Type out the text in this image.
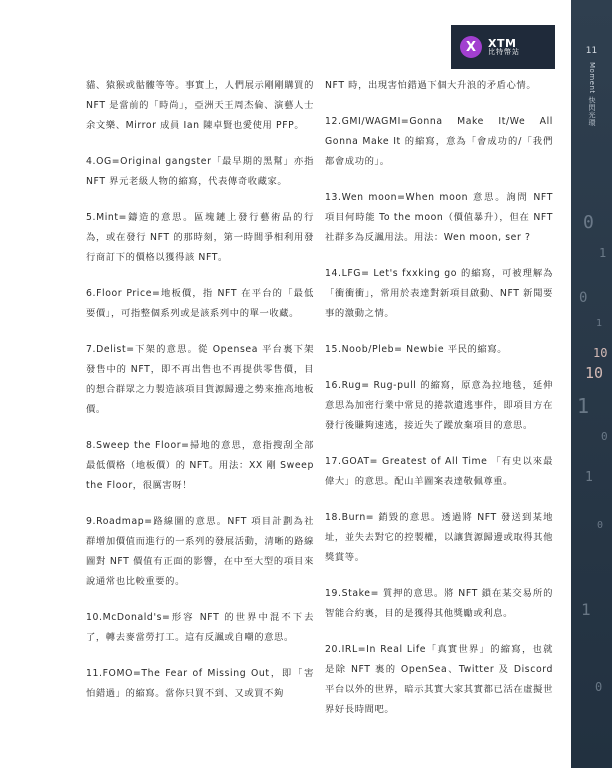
X	XTM
比特幣站	11
Moment 快閃光環
0
1
0
1
10
10
1
0
1
0
1
0

貓、猿猴或骷髏等等。事實上，人們展示剛剛購買的 NFT 是當前的「時尚」，亞洲天王周杰倫、演藝人士余文樂、Mirror 成員 Ian 陳卓賢也愛使用 PFP。

4.OG=Original gangster「最早期的黑幫」亦指 NFT 界元老級人物的縮寫，代表傳奇收藏家。

5.Mint=鑄造的意思。區塊鏈上發行藝術品的行為，或在發行 NFT 的那時刻，第一時間爭相利用發行商訂下的價格以獲得該 NFT。

6.Floor Price=地板價，指 NFT 在平台的「最低要價」，可指整個系列或是該系列中的單一收藏。

7.Delist=下架的意思。從 Opensea 平台裏下架發售中的 NFT，即不再出售也不再提供零售價，目的想合群眾之力製造該項目貨源歸邊之勢來推高地板價。

8.Sweep the Floor=掃地的意思，意指搜刮全部最低價格（地板價）的 NFT。用法：XX 剛 Sweep the Floor，很厲害呀！

9.Roadmap=路線圖的意思。NFT 項目計劃為社群增加價值而進行的一系列的發展活動，清晰的路線圖對 NFT 價值有正面的影響，在中至大型的項目來說通常也比較重要的。

10.McDonald's=形容 NFT 的世界中混不下去了，轉去麥當勞打工。這有反諷或自嘲的意思。

11.FOMO=The Fear of Missing Out，即「害怕錯過」的縮寫。當你只買不到、又或買不夠

NFT 時，出現害怕錯過下個大升浪的矛盾心情。

12.GMI/WAGMI=Gonna Make It/We All Gonna Make It 的縮寫，意為「會成功的/「我們都會成功的」。

13.Wen moon=When moon 意思。詢問 NFT 項目何時能 To the moon（價值暴升），但在 NFT 社群多為反諷用法。用法：Wen moon, ser ?

14.LFG= Let's fxxking go 的縮寫，可被理解為「衝衝衝」，常用於表達對新項目啟動、NFT 新聞要事的激動之情。

15.Noob/Pleb= Newbie 平民的縮寫。

16.Rug= Rug-pull 的縮寫，原意為拉地毯，延伸意思為加密行業中常見的捲款遺逃事件，即項目方在發行後賺夠速逃，接近失了蹤放棄項目的意思。

17.GOAT= Greatest of All Time 「有史以來最偉大」的意思。配山羊圖案表達敬佩尊重。

18.Burn= 銷毀的意思。透過將 NFT 發送到某地址，並失去對它的控製權，以讓貨源歸邊或取得其他獎賞等。

19.Stake= 質押的意思。將 NFT 鎖在某交易所的智能合約裏，目的是獲得其他獎勵或利息。

20.IRL=In Real Life「真實世界」的縮寫，也就是除 NFT 裏的 OpenSea、Twitter 及 Discord 平台以外的世界，暗示其實大家其實都已活在虛擬世界好長時間吧。
